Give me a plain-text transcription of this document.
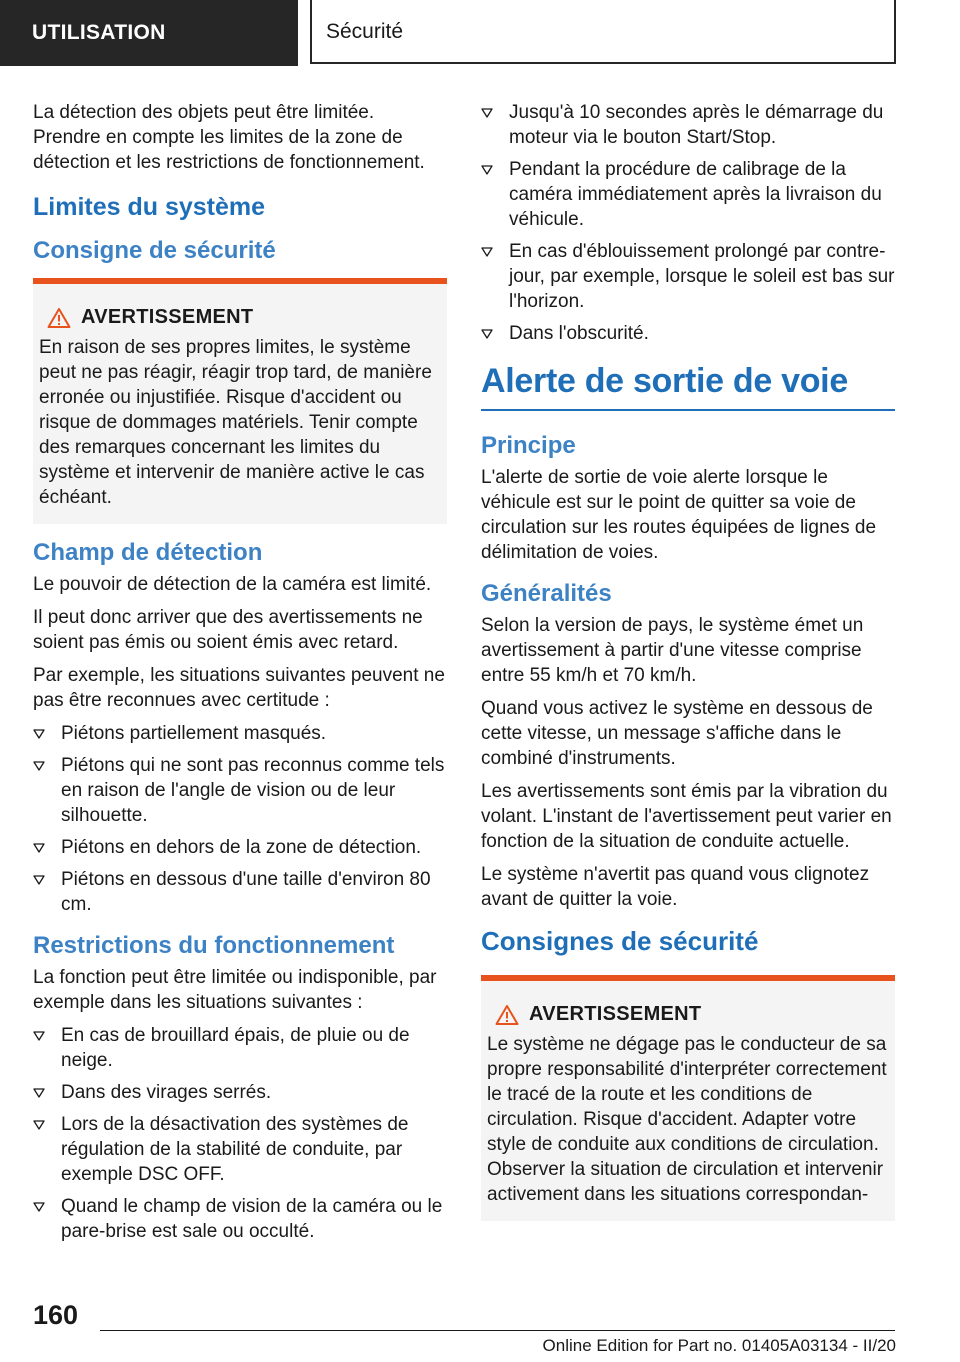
UTILISATION	Sécurité

La détection des objets peut être limitée. Prendre en compte les limites de la zone de détection et les restrictions de fonctionnement.

Limites du système
Consigne de sécurité
AVERTISSEMENT

En raison de ses propres limites, le système peut ne pas réagir, réagir trop tard, de manière erronée ou injustifiée. Risque d'accident ou risque de dommages matériels. Tenir compte des remarques concernant les limites du système et intervenir de manière active le cas échéant.

Champ de détection

Le pouvoir de détection de la caméra est limité.

Il peut donc arriver que des avertissements ne soient pas émis ou soient émis avec retard.

Par exemple, les situations suivantes peuvent ne pas être reconnues avec certitude :

Piétons partiellement masqués.
Piétons qui ne sont pas reconnus comme tels en raison de l'angle de vision ou de leur silhouette.
Piétons en dehors de la zone de détection.
Piétons en dessous d'une taille d'environ 80 cm.
Restrictions du fonctionnement

La fonction peut être limitée ou indisponible, par exemple dans les situations suivantes :

En cas de brouillard épais, de pluie ou de neige.
Dans des virages serrés.
Lors de la désactivation des systèmes de régulation de la stabilité de conduite, par exemple DSC OFF.
Quand le champ de vision de la caméra ou le pare-brise est sale ou occulté.
Jusqu'à 10 secondes après le démarrage du moteur via le bouton Start/Stop.
Pendant la procédure de calibrage de la caméra immédiatement après la livraison du véhicule.
En cas d'éblouissement prolongé par contre-jour, par exemple, lorsque le soleil est bas sur l'horizon.
Dans l'obscurité.
Alerte de sortie de voie
Principe

L'alerte de sortie de voie alerte lorsque le véhicule est sur le point de quitter sa voie de circulation sur les routes équipées de lignes de délimitation de voies.

Généralités

Selon la version de pays, le système émet un avertissement à partir d'une vitesse comprise entre 55 km/h et 70 km/h.

Quand vous activez le système en dessous de cette vitesse, un message s'affiche dans le combiné d'instruments.

Les avertissements sont émis par la vibration du volant. L'instant de l'avertissement peut varier en fonction de la situation de conduite actuelle.

Le système n'avertit pas quand vous clignotez avant de quitter la voie.

Consignes de sécurité
AVERTISSEMENT

Le système ne dégage pas le conducteur de sa propre responsabilité d'interpréter correctement le tracé de la route et les conditions de circulation. Risque d'accident. Adapter votre style de conduite aux conditions de circulation. Observer la situation de circulation et intervenir activement dans les situations correspondan-

160
Online Edition for Part no. 01405A03134 - II/20
